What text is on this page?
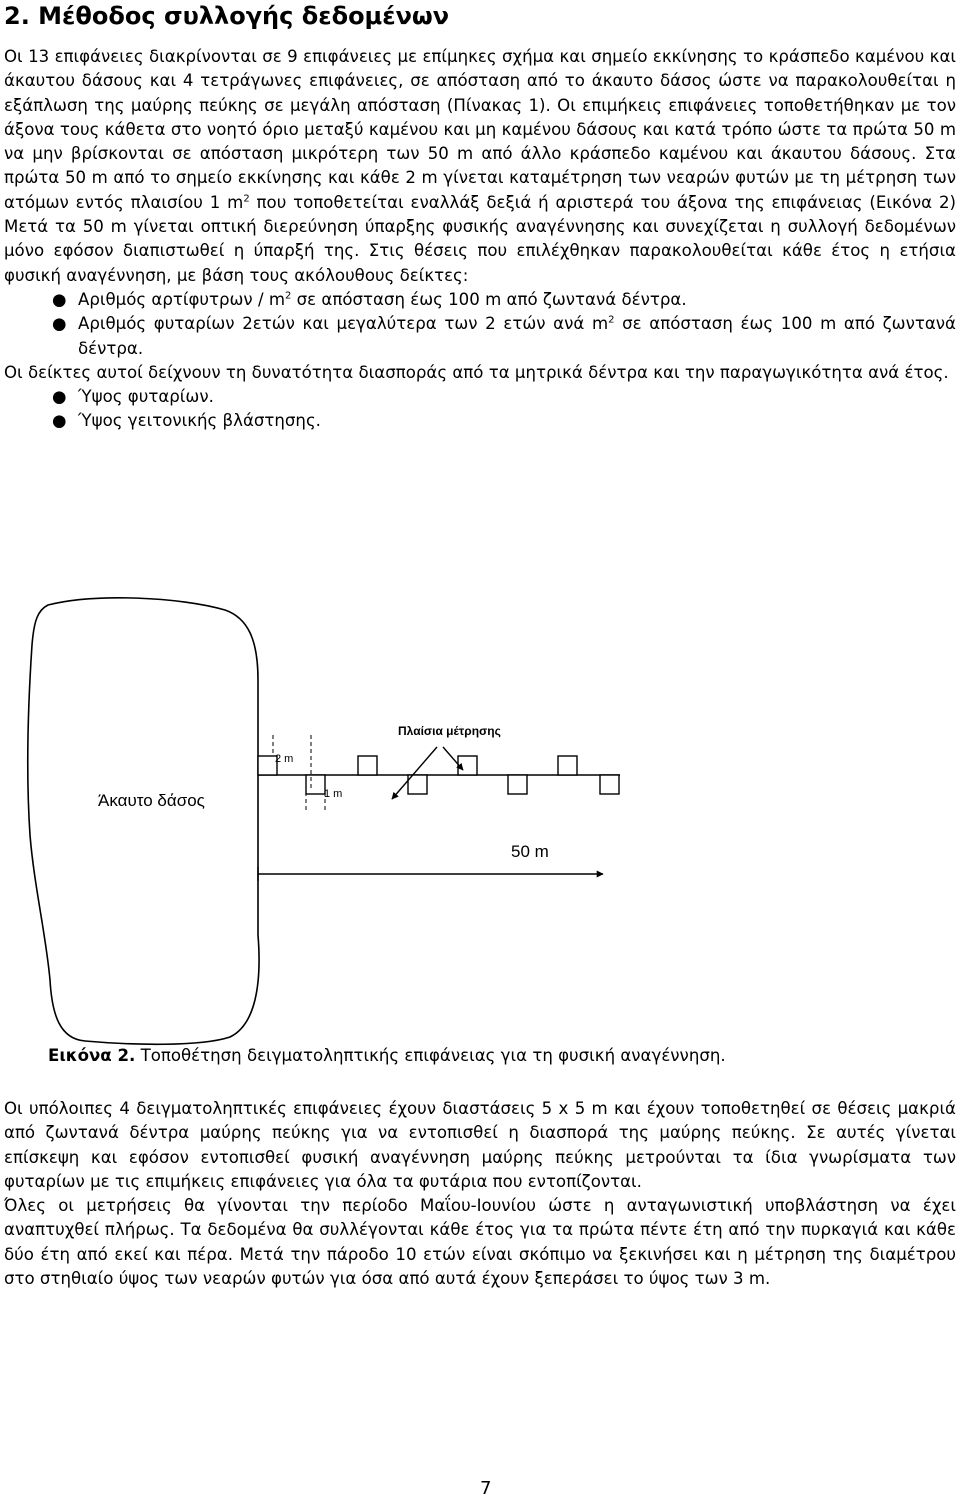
2. Μέθοδος συλλογής δεδομένων

Οι 13 επιφάνειες διακρίνονται σε 9 επιφάνειες με επίμηκες σχήμα και σημείο εκκίνησης το κράσπεδο καμένου και άκαυτου δάσους και 4 τετράγωνες επιφάνειες, σε απόσταση από το άκαυτο δάσος ώστε να παρακολουθείται η εξάπλωση της μαύρης πεύκης σε μεγάλη απόσταση (Πίνακας 1). Οι επιμήκεις επιφάνειες τοποθετήθηκαν με τον άξονα τους κάθετα στο νοητό όριο μεταξύ καμένου και μη καμένου δάσους και κατά τρόπο ώστε τα πρώτα 50 m να μην βρίσκονται σε απόσταση μικρότερη των 50 m από άλλο κράσπεδο καμένου και άκαυτου δάσους. Στα πρώτα 50 m από το σημείο εκκίνησης και κάθε 2 m γίνεται καταμέτρηση των νεαρών φυτών με τη μέτρηση των ατόμων εντός πλαισίου 1 $m^2$ που τοποθετείται εναλλάξ δεξιά ή αριστερά του άξονα της επιφάνειας (Εικόνα 2) Μετά τα 50 m γίνεται οπτική διερεύνηση ύπαρξης φυσικής αναγέννησης και συνεχίζεται η συλλογή δεδομένων μόνο εφόσον διαπιστωθεί η ύπαρξή της. Στις θέσεις που επιλέχθηκαν παρακολουθείται κάθε έτος η ετήσια φυσική αναγέννηση, με βάση τους ακόλουθους δείκτες:

● Αριθμός αρτίφυτρων / $m^2$ σε απόσταση έως 100 m από ζωντανά δέντρα.
● Αριθμός φυταρίων 2ετών και μεγαλύτερα των 2 ετών ανά $m^2$ σε απόσταση έως 100 m από ζωντανά δέντρα.

Οι δείκτες αυτοί δείχνουν τη δυνατότητα διασποράς από τα μητρικά δέντρα και την παραγωγικότητα ανά έτος.

● Ύψος φυταρίων.
● Ύψος γειτονικής βλάστησης.
Άκαυτο δάσος
2 m
1 m
Πλαίσια μέτρησης
50 m

Εικόνα 2. Τοποθέτηση δειγματοληπτικής επιφάνειας για τη φυσική αναγέννηση.

Οι υπόλοιπες 4 δειγματοληπτικές επιφάνειες έχουν διαστάσεις 5 x 5 m και έχουν τοποθετηθεί σε θέσεις μακριά από ζωντανά δέντρα μαύρης πεύκης για να εντοπισθεί η διασπορά της μαύρης πεύκης. Σε αυτές γίνεται επίσκεψη και εφόσον εντοπισθεί φυσική αναγέννηση μαύρης πεύκης μετρούνται τα ίδια γνωρίσματα των φυταρίων με τις επιμήκεις επιφάνειες για όλα τα φυτάρια που εντοπίζονται.

Όλες οι μετρήσεις θα γίνονται την περίοδο Μαΐου-Ιουνίου ώστε η ανταγωνιστική υποβλάστηση να έχει αναπτυχθεί πλήρως. Τα δεδομένα θα συλλέγονται κάθε έτος για τα πρώτα πέντε έτη από την πυρκαγιά και κάθε δύο έτη από εκεί και πέρα. Μετά την πάροδο 10 ετών είναι σκόπιμο να ξεκινήσει και η μέτρηση της διαμέτρου στο στηθιαίο ύψος των νεαρών φυτών για όσα από αυτά έχουν ξεπεράσει το ύψος των 3 m.

7
